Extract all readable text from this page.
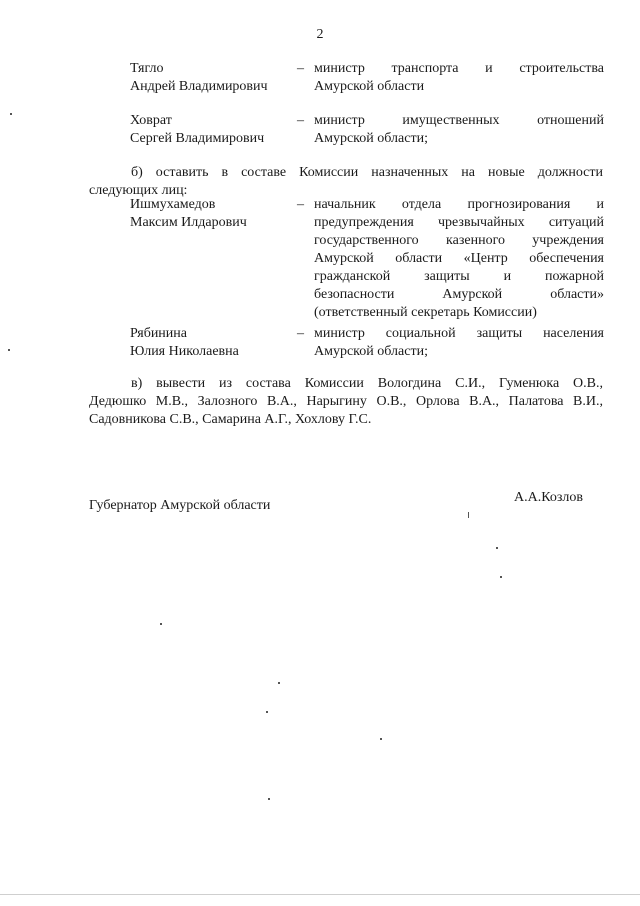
2
Тягло
Андрей Владимирович
– министр транспорта и строительства
Амурской области
Ховрат
Сергей Владимирович
– министр имущественных отношений
Амурской области;
б) оставить в составе Комиссии назначенных на новые должности
следующих лиц:
Ишмухамедов
Максим Илдарович
– начальник отдела прогнозирования и
предупреждения чрезвычайных ситуаций
государственного казенного учреждения
Амурской области «Центр обеспечения
гражданской защиты и пожарной
безопасности Амурской области»
(ответственный секретарь Комиссии)
Рябинина
Юлия Николаевна
– министр социальной защиты населения
Амурской области;
в) вывести из состава Комиссии Вологдина С.И., Гуменюка О.В.,
Дедюшко М.В., Залозного В.А., Нарыгину О.В., Орлова В.А., Палатова В.И.,
Садовникова С.В., Самарина А.Г., Хохлову Г.С.
Губернатор Амурской области
А.А.Козлов
